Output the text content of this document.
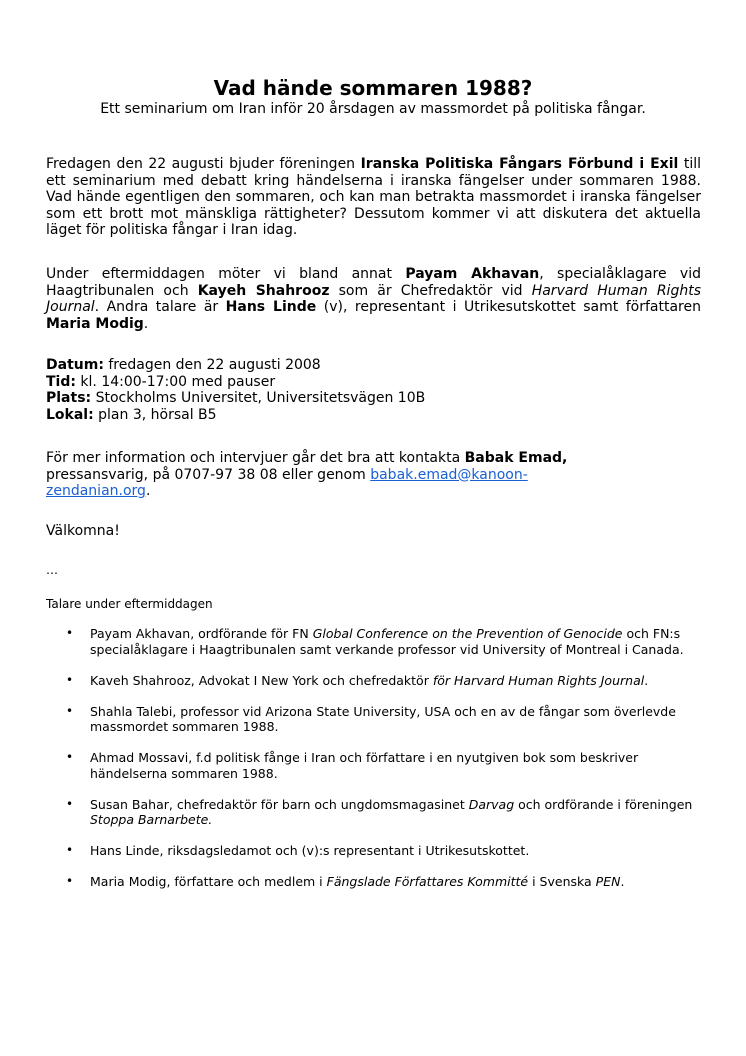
Vad hände sommaren 1988?

Ett seminarium om Iran inför 20 årsdagen av massmordet på politiska fångar.

Fredagen den 22 augusti bjuder föreningen Iranska Politiska Fångars Förbund i Exil till ett seminarium med debatt kring händelserna i iranska fängelser under sommaren 1988. Vad hände egentligen den sommaren, och kan man betrakta massmordet i iranska fängelser som ett brott mot mänskliga rättigheter? Dessutom kommer vi att diskutera det aktuella läget för politiska fångar i Iran idag.

Under eftermiddagen möter vi bland annat Payam Akhavan, specialåklagare vid Haagtribunalen och Kayeh Shahrooz som är Chefredaktör vid Harvard Human Rights Journal. Andra talare är Hans Linde (v), representant i Utrikesutskottet samt författaren Maria Modig.

Datum: fredagen den 22 augusti 2008

Tid: kl. 14:00-17:00 med pauser

Plats: Stockholms Universitet, Universitetsvägen 10B

Lokal: plan 3, hörsal B5

För mer information och intervjuer går det bra att kontakta Babak Emad,
pressansvarig, på 0707-97 38 08 eller genom babak.emad@kanoon-
zendanian.org.

Välkomna!

…

Talare under eftermiddagen

• Payam Akhavan, ordförande för FN Global Conference on the Prevention of Genocide och FN:s specialåklagare i Haagtribunalen samt verkande professor vid University of Montreal i Canada.
• Kaveh Shahrooz, Advokat I New York och chefredaktör för Harvard Human Rights Journal.
• Shahla Talebi, professor vid Arizona State University, USA och en av de fångar som överlevde massmordet sommaren 1988.
• Ahmad Mossavi, f.d politisk fånge i Iran och författare i en nyutgiven bok som beskriver händelserna sommaren 1988.
• Susan Bahar, chefredaktör för barn och ungdomsmagasinet Darvag och ordförande i föreningen Stoppa Barnarbete.
• Hans Linde, riksdagsledamot och (v):s representant i Utrikesutskottet.
• Maria Modig, författare och medlem i Fängslade Författares Kommitté i Svenska PEN.
